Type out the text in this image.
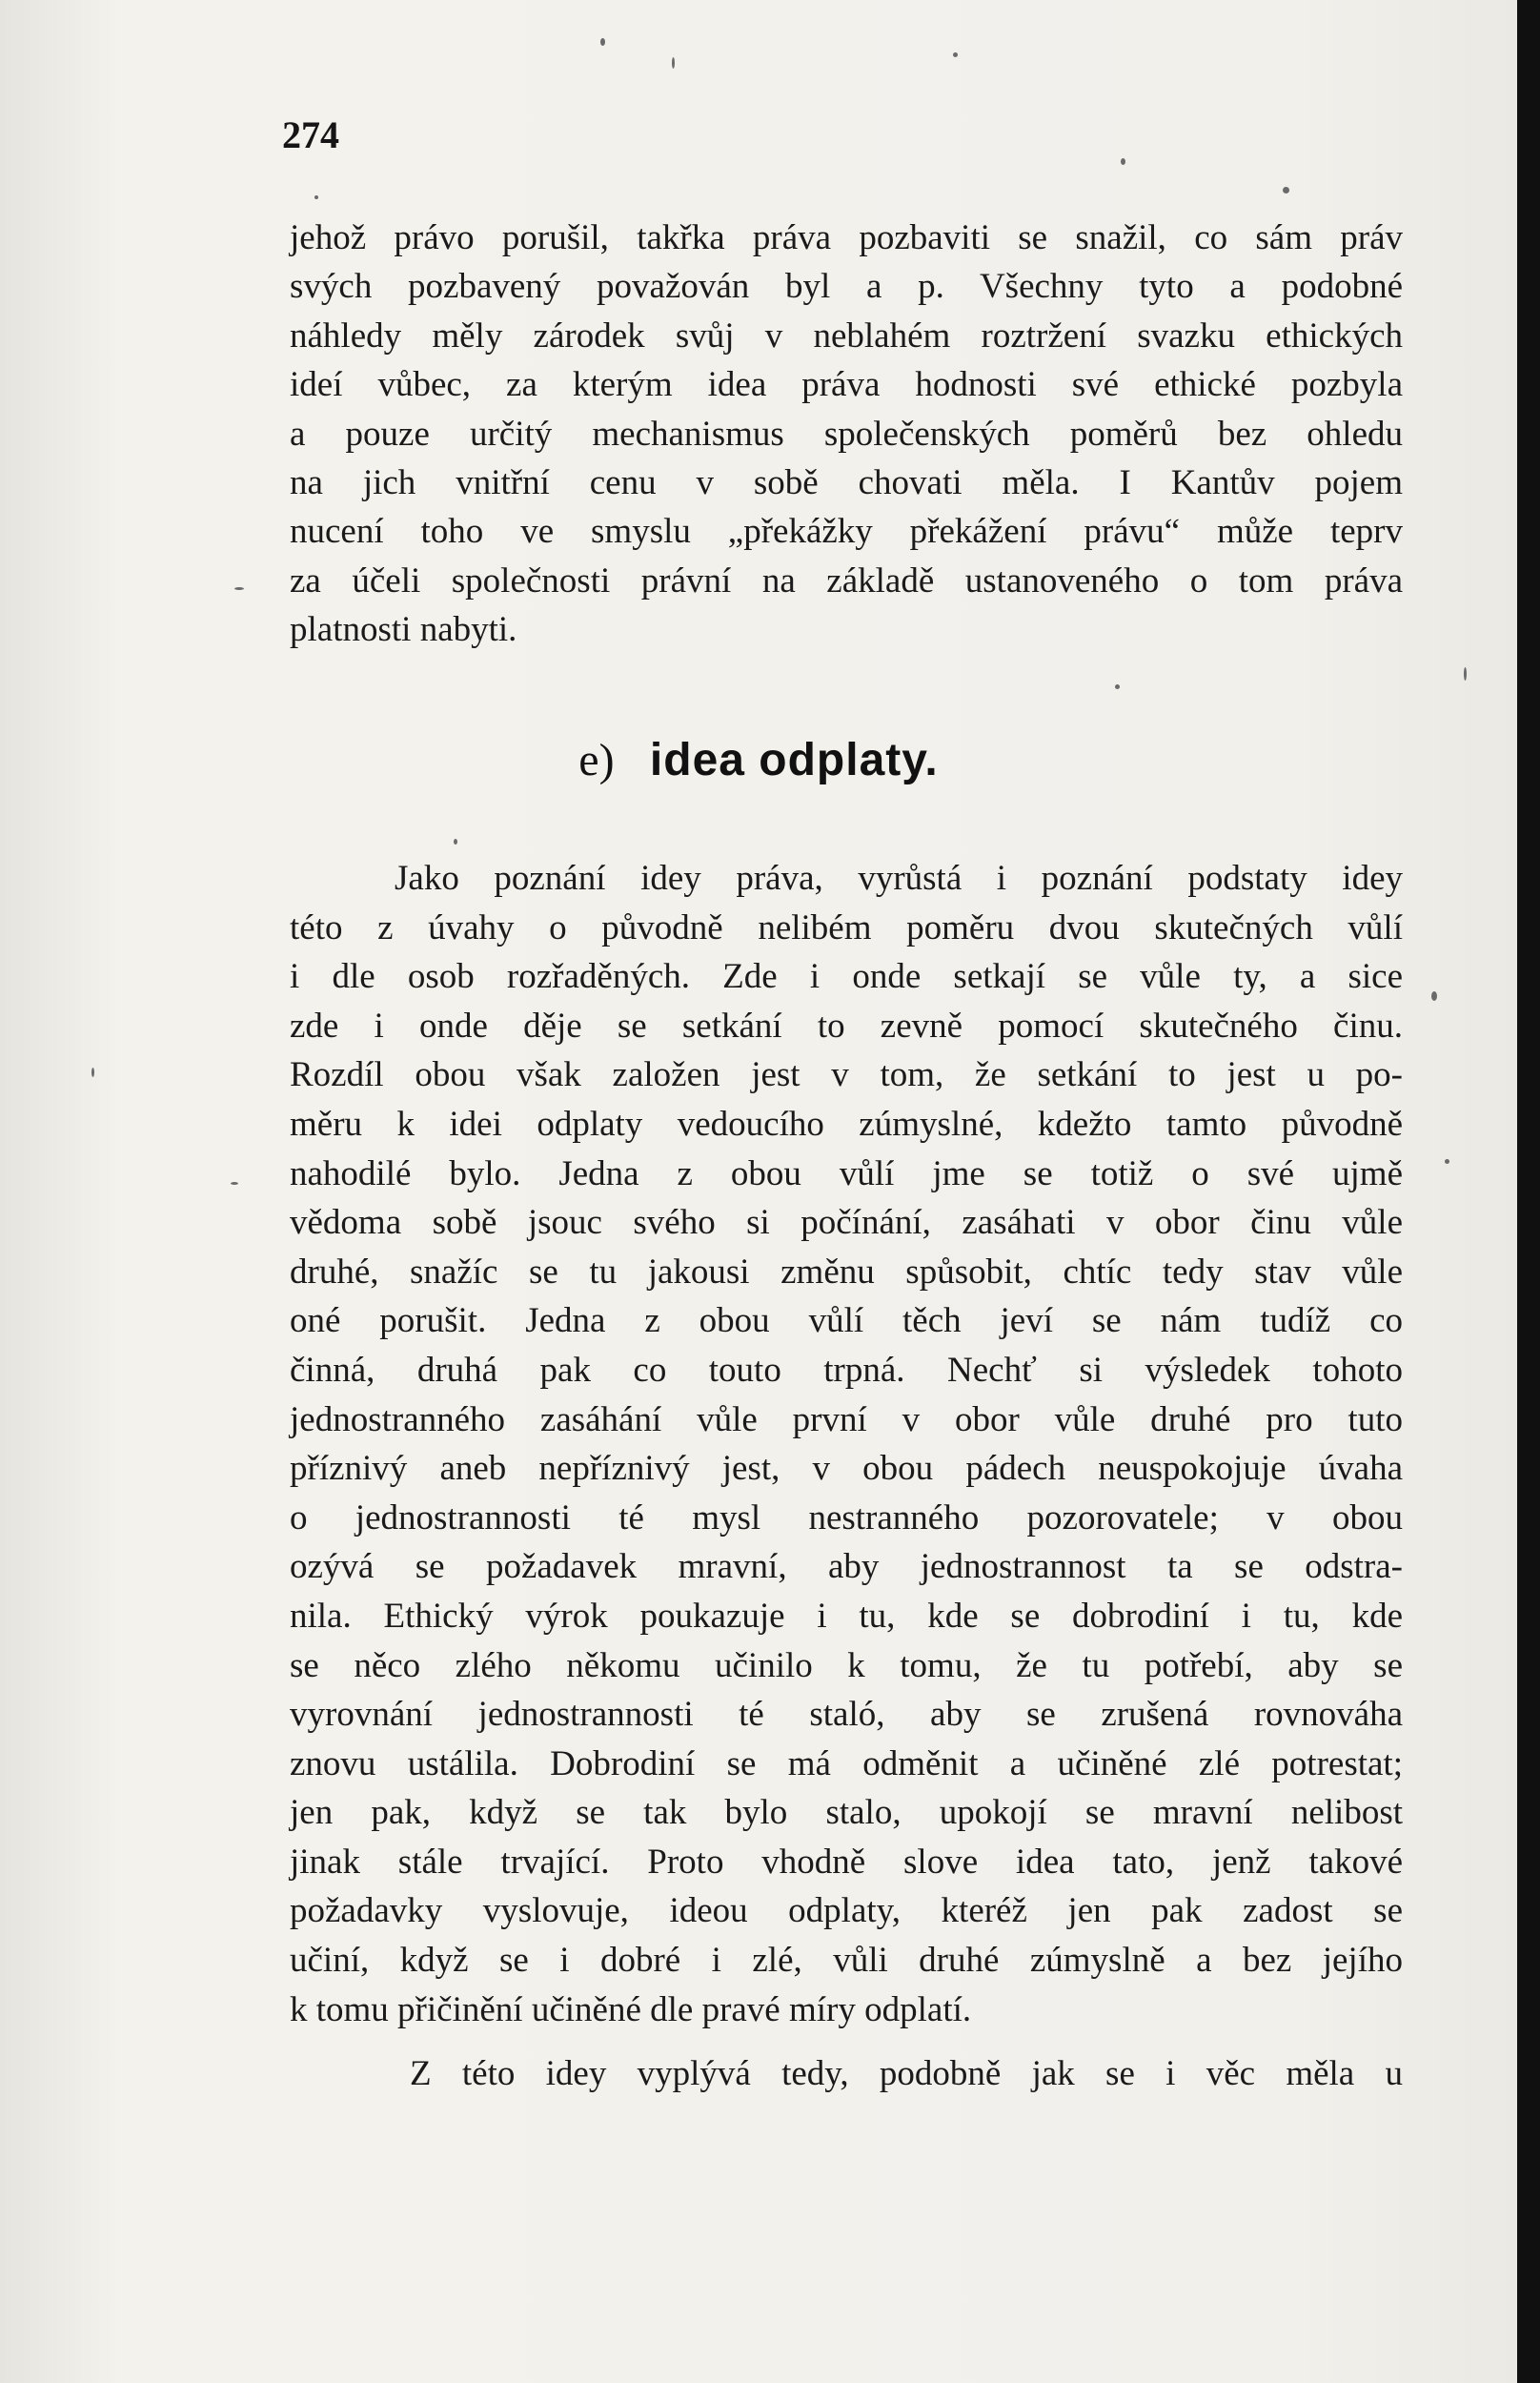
274
jehož právo porušil, takřka práva pozbaviti se snažil, co sám práv
svých pozbavený považován byl a p. Všechny tyto a podobné
náhledy měly zárodek svůj v neblahém roztržení svazku ethických
ideí vůbec, za kterým idea práva hodnosti své ethické pozbyla
a pouze určitý mechanismus společenských poměrů bez ohledu
na jich vnitřní cenu v sobě chovati měla. I Kantův pojem
nucení toho ve smyslu „překážky překážení právu“ může teprv
za účeli společnosti právní na základě ustanoveného o tom práva
platnosti nabyti.
e) idea odplaty.
Jako poznání idey práva, vyrůstá i poznání podstaty idey
této z úvahy o původně nelibém poměru dvou skutečných vůlí
i dle osob rozřaděných. Zde i onde setkají se vůle ty, a sice
zde i onde děje se setkání to zevně pomocí skutečného činu.
Rozdíl obou však založen jest v tom, že setkání to jest u po-
měru k idei odplaty vedoucího zúmyslné, kdežto tamto původně
nahodilé bylo. Jedna z obou vůlí jme se totiž o své ujmě
vědoma sobě jsouc svého si počínání, zasáhati v obor činu vůle
druhé, snažíc se tu jakousi změnu spůsobit, chtíc tedy stav vůle
oné porušit. Jedna z obou vůlí těch jeví se nám tudíž co
činná, druhá pak co touto trpná. Nechť si výsledek tohoto
jednostranného zasáhání vůle první v obor vůle druhé pro tuto
příznivý aneb nepříznivý jest, v obou pádech neuspokojuje úvaha
o jednostrannosti té mysl nestranného pozorovatele; v obou
ozývá se požadavek mravní, aby jednostrannost ta se odstra-
nila. Ethický výrok poukazuje i tu, kde se dobrodiní i tu, kde
se něco zlého někomu učinilo k tomu, že tu potřebí, aby se
vyrovnání jednostrannosti té staló, aby se zrušená rovnováha
znovu ustálila. Dobrodiní se má odměnit a učiněné zlé potrestat;
jen pak, když se tak bylo stalo, upokojí se mravní nelibost
jinak stále trvající. Proto vhodně slove idea tato, jenž takové
požadavky vyslovuje, ideou odplaty, kteréž jen pak zadost se
učiní, když se i dobré i zlé, vůli druhé zúmyslně a bez jejího
k tomu přičinění učiněné dle pravé míry odplatí.
Z této idey vyplývá tedy, podobně jak se i věc měla u
